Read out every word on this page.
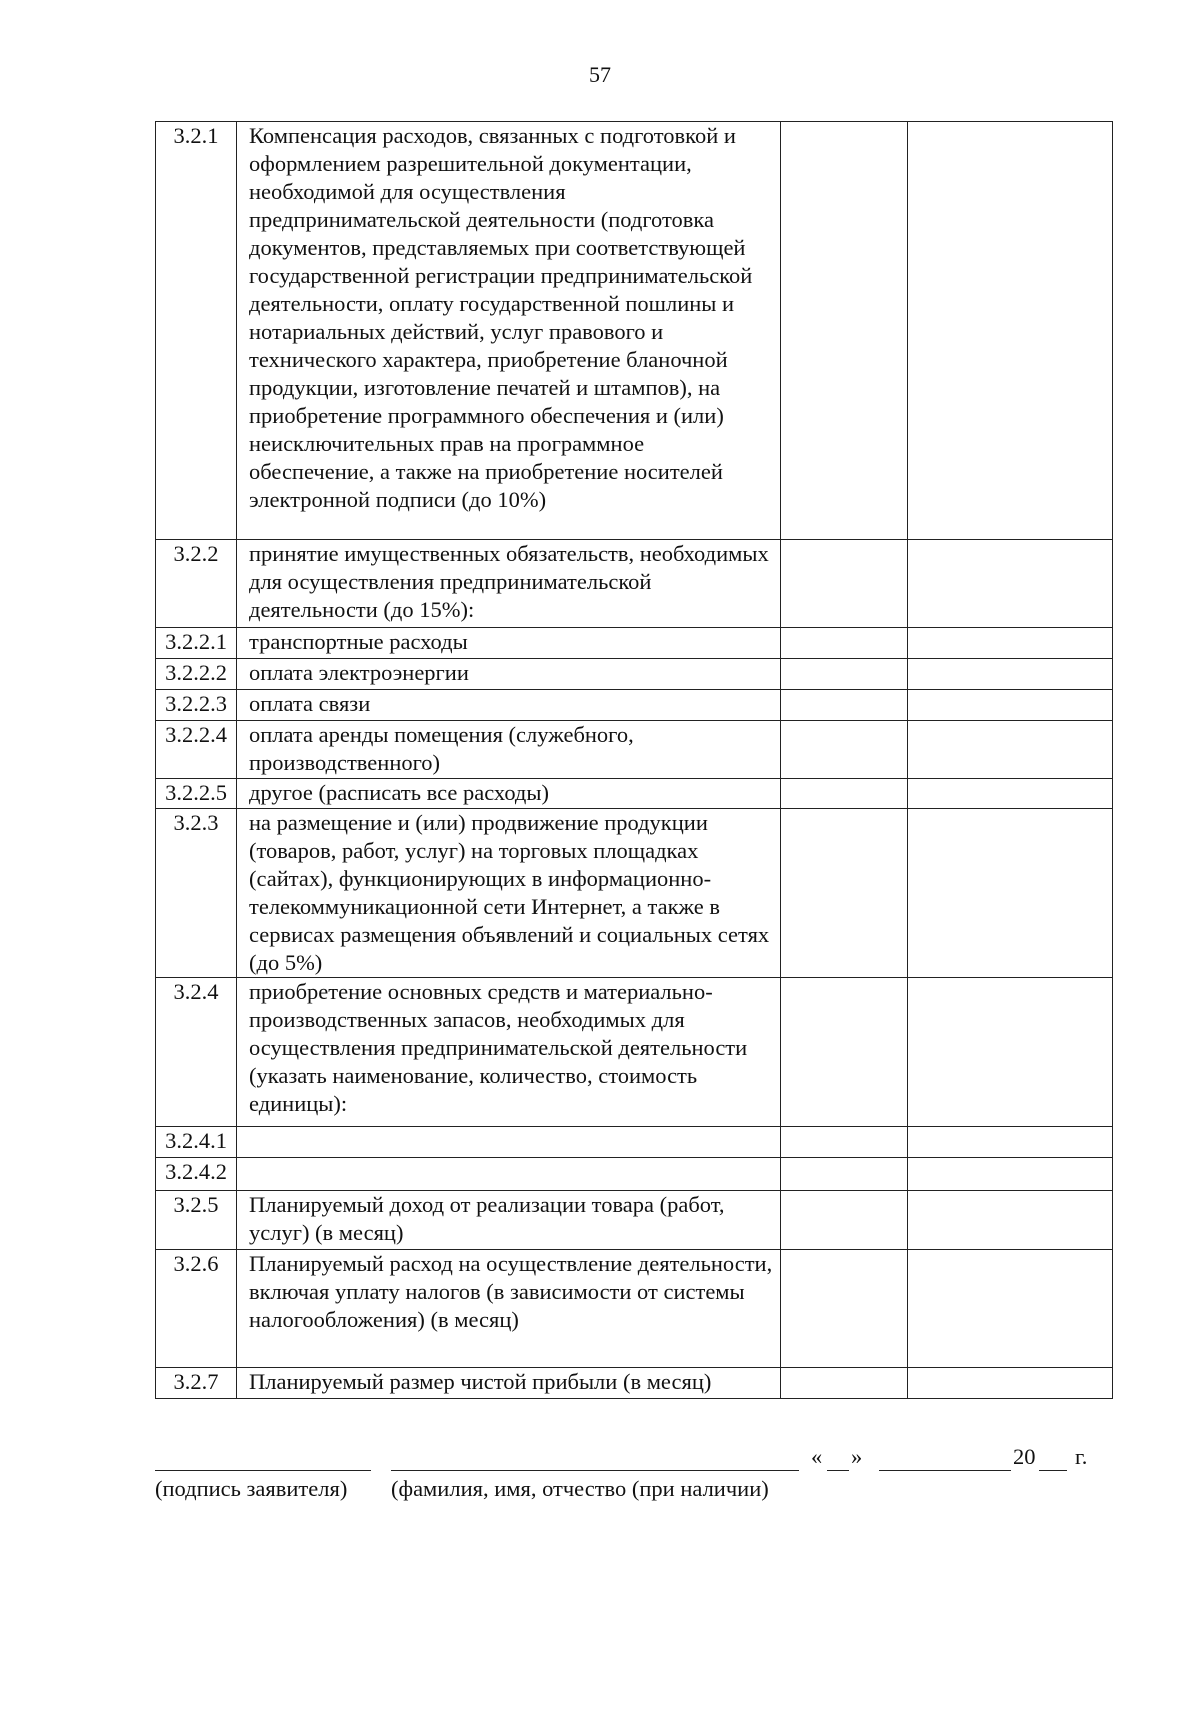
57
3.2.1	Компенсация расходов, связанных с подготовкой и оформлением разрешительной документации, необходимой для осуществления предпринимательской деятельности (подготовка документов, представляемых при соответствующей государственной регистрации предпринимательской деятельности, оплату государственной пошлины и нотариальных действий, услуг правового и технического характера, приобретение бланочной продукции, изготовление печатей и штампов), на приобретение программного обеспечения и (или) неисключительных прав на программное обеспечение, а также на приобретение носителей электронной подписи (до 10%)		
3.2.2	принятие имущественных обязательств, необходимых для осуществления предпринимательской деятельности (до 15%):		
3.2.2.1	транспортные расходы		
3.2.2.2	оплата электроэнергии		
3.2.2.3	оплата связи		
3.2.2.4	оплата аренды помещения (служебного, производственного)		
3.2.2.5	другое (расписать все расходы)		
3.2.3	на размещение и (или) продвижение продукции (товаров, работ, услуг) на торговых площадках (сайтах), функционирующих в информационно-телекоммуникационной сети Интернет, а также в сервисах размещения объявлений и социальных сетях (до 5%)		
3.2.4	приобретение основных средств и материально-производственных запасов, необходимых для осуществления предпринимательской деятельности (указать наименование, количество, стоимость единицы):		
3.2.4.1			
3.2.4.2			
3.2.5	Планируемый доход от реализации товара (работ, услуг) (в месяц)		
3.2.6	Планируемый расход на осуществление деятельности, включая уплату налогов (в зависимости от системы налогообложения) (в месяц)		
3.2.7	Планируемый размер чистой прибыли (в месяц)		
« »	20 г.
(подпись заявителя) (фамилия, имя, отчество (при наличии)
